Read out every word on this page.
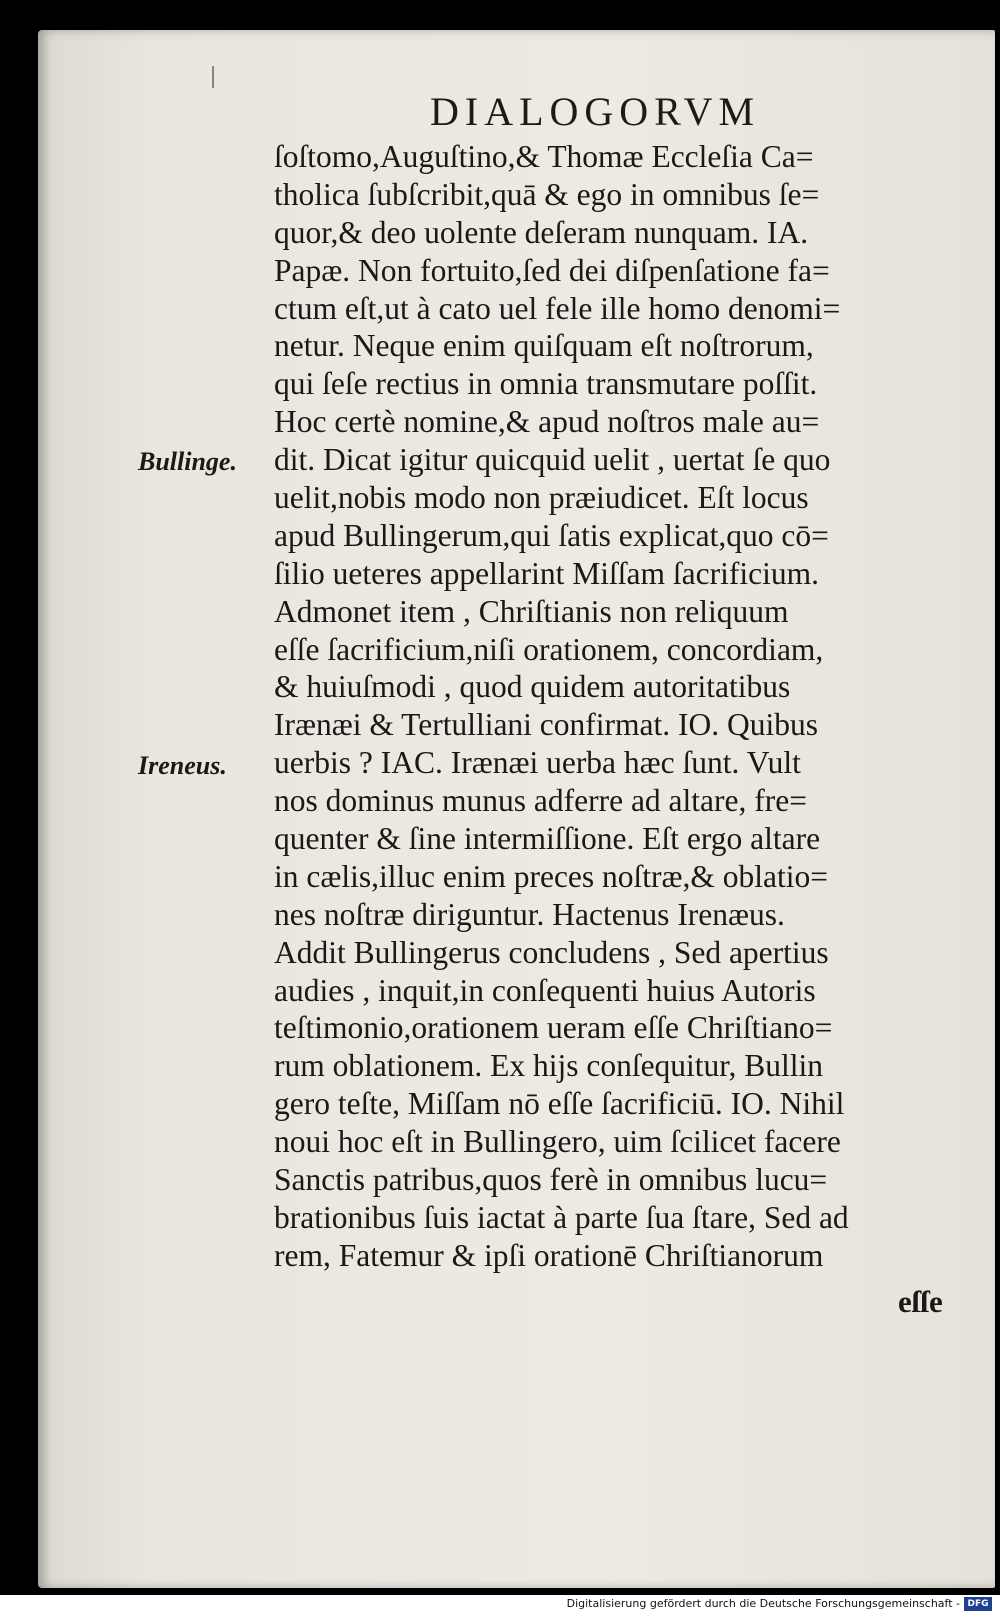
DIALOGORVM
Bullinge.
Ireneus.
ſoſtomo,Auguſtino,& Thomæ Eccleſia Ca=
tholica ſubſcribit,quā & ego in omnibus ſe=
quor,& deo uolente deſeram nunquam. IA.
Papæ. Non fortuito,ſed dei diſpenſatione fa=
ctum eſt,ut à cato uel fele ille homo denomi=
netur. Neque enim quiſquam eſt noſtrorum,
qui ſeſe rectius in omnia transmutare poſſit.
Hoc certè nomine,& apud noſtros male au=
dit. Dicat igitur quicquid uelit , uertat ſe quo
uelit,nobis modo non præiudicet. Eſt locus
apud Bullingerum,qui ſatis explicat,quo cō=
ſilio ueteres appellarint Miſſam ſacrificium.
Admonet item , Chriſtianis non reliquum
eſſe ſacrificium,niſi orationem, concordiam,
& huiuſmodi , quod quidem autoritatibus
Irænæi & Tertulliani confirmat. IO. Quibus
uerbis ? IAC. Irænæi uerba hæc ſunt. Vult
nos dominus munus adferre ad altare, fre=
quenter & ſine intermiſſione. Eſt ergo altare
in cælis,illuc enim preces noſtræ,& oblatio=
nes noſtræ diriguntur. Hactenus Irenæus.
Addit Bullingerus concludens , Sed apertius
audies , inquit,in conſequenti huius Autoris
teſtimonio,orationem ueram eſſe Chriſtiano=
rum oblationem. Ex hijs conſequitur, Bullin
gero teſte, Miſſam nō eſſe ſacrificiū. IO. Nihil
noui hoc eſt in Bullingero, uim ſcilicet facere
Sanctis patribus,quos ferè in omnibus lucu=
brationibus ſuis iactat à parte ſua ſtare, Sed ad
rem, Fatemur & ipſi orationē Chriſtianorum
eſſe
Digitalisierung gefördert durch die Deutsche Forschungsgemeinschaft - DFG
